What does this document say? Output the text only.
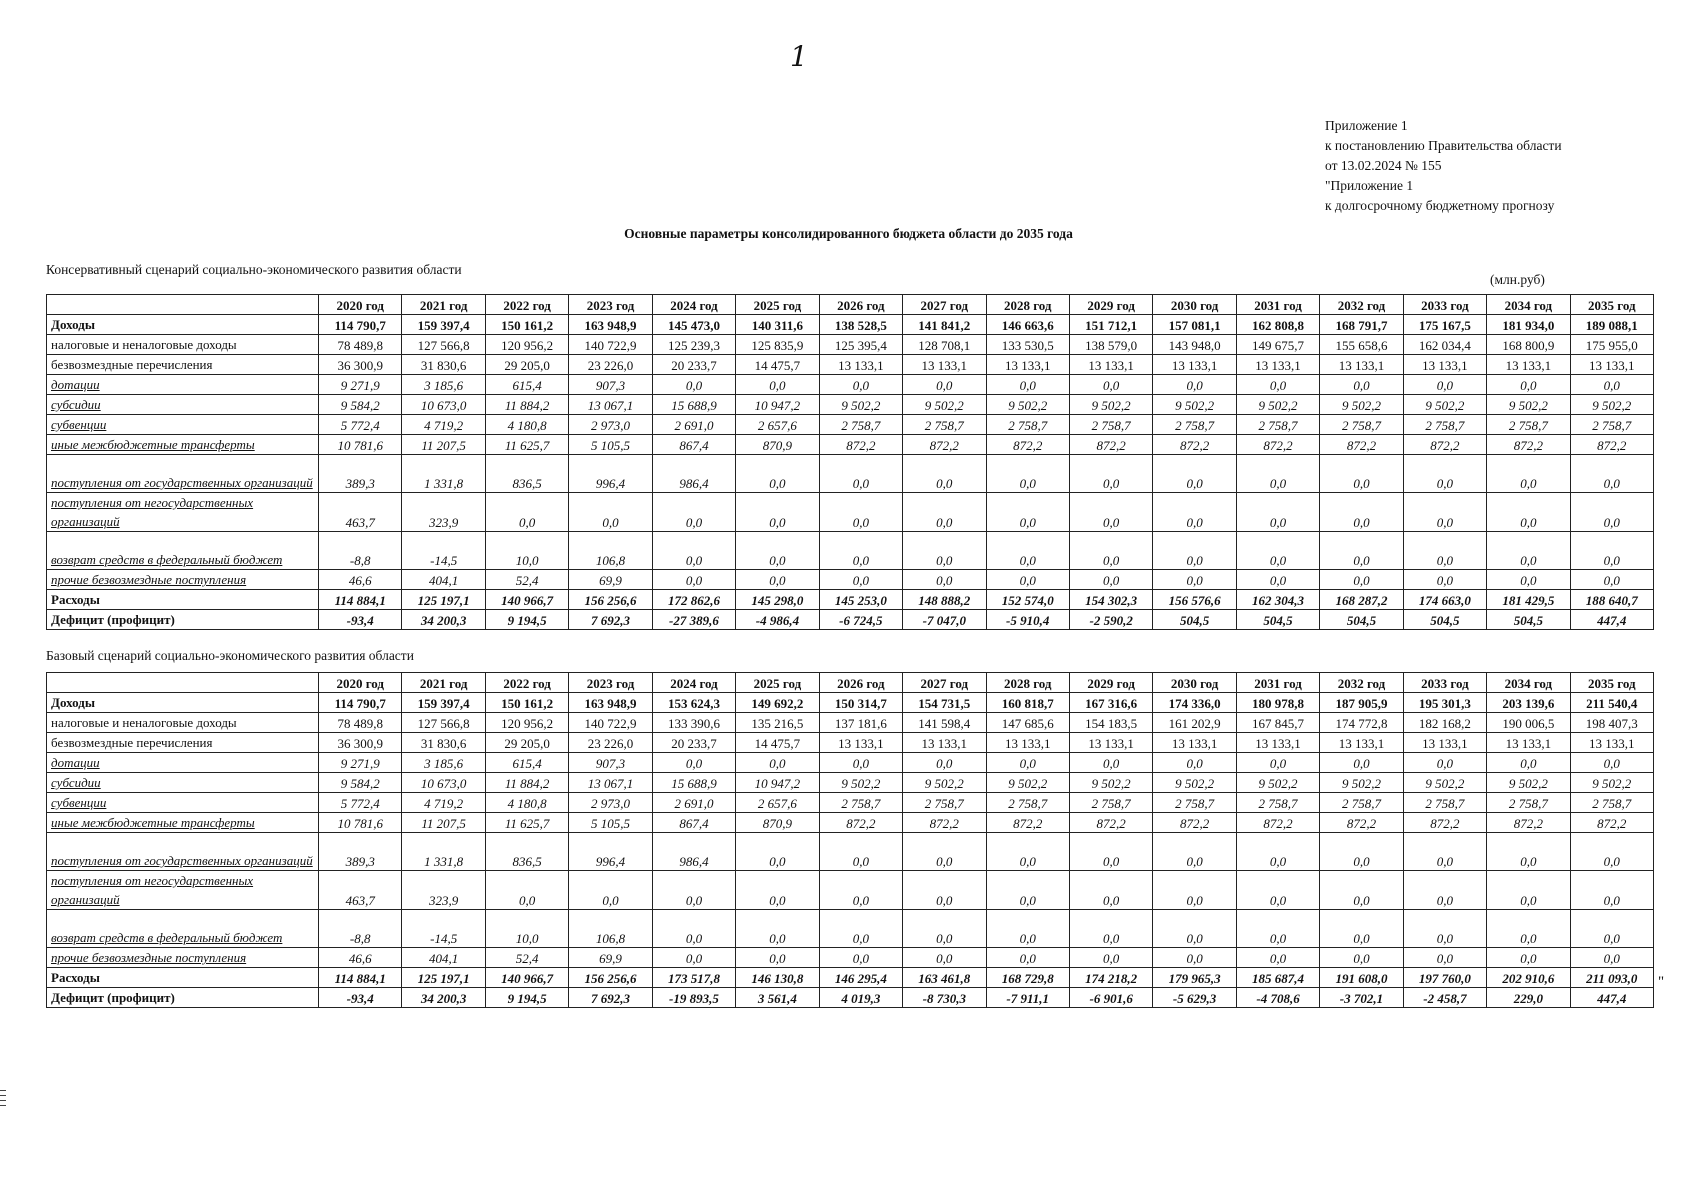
1
Приложение 1
к постановлению Правительства области
от 13.02.2024 № 155
"Приложение 1
к долгосрочному бюджетному прогнозу
Основные параметры консолидированного бюджета области до 2035 года
Консервативный сценарий социально-экономического развития области
(млн.руб)
Базовый сценарий социально-экономического развития области
"
	2020 год	2021 год	2022 год	2023 год	2024 год	2025 год	2026 год	2027 год	2028 год	2029 год	2030 год	2031 год	2032 год	2033 год	2034 год	2035 год
Доходы	114 790,7	159 397,4	150 161,2	163 948,9	145 473,0	140 311,6	138 528,5	141 841,2	146 663,6	151 712,1	157 081,1	162 808,8	168 791,7	175 167,5	181 934,0	189 088,1
налоговые и неналоговые доходы	78 489,8	127 566,8	120 956,2	140 722,9	125 239,3	125 835,9	125 395,4	128 708,1	133 530,5	138 579,0	143 948,0	149 675,7	155 658,6	162 034,4	168 800,9	175 955,0
безвозмездные перечисления	36 300,9	31 830,6	29 205,0	23 226,0	20 233,7	14 475,7	13 133,1	13 133,1	13 133,1	13 133,1	13 133,1	13 133,1	13 133,1	13 133,1	13 133,1	13 133,1
дотации	9 271,9	3 185,6	615,4	907,3	0,0	0,0	0,0	0,0	0,0	0,0	0,0	0,0	0,0	0,0	0,0	0,0
субсидии	9 584,2	10 673,0	11 884,2	13 067,1	15 688,9	10 947,2	9 502,2	9 502,2	9 502,2	9 502,2	9 502,2	9 502,2	9 502,2	9 502,2	9 502,2	9 502,2
субвенции	5 772,4	4 719,2	4 180,8	2 973,0	2 691,0	2 657,6	2 758,7	2 758,7	2 758,7	2 758,7	2 758,7	2 758,7	2 758,7	2 758,7	2 758,7	2 758,7
иные межбюджетные трансферты	10 781,6	11 207,5	11 625,7	5 105,5	867,4	870,9	872,2	872,2	872,2	872,2	872,2	872,2	872,2	872,2	872,2	872,2
поступления от государственных организаций	389,3	1 331,8	836,5	996,4	986,4	0,0	0,0	0,0	0,0	0,0	0,0	0,0	0,0	0,0	0,0	0,0
поступления от негосударственных организаций	463,7	323,9	0,0	0,0	0,0	0,0	0,0	0,0	0,0	0,0	0,0	0,0	0,0	0,0	0,0	0,0
возврат средств в федеральный бюджет	-8,8	-14,5	10,0	106,8	0,0	0,0	0,0	0,0	0,0	0,0	0,0	0,0	0,0	0,0	0,0	0,0
прочие безвозмездные поступления	46,6	404,1	52,4	69,9	0,0	0,0	0,0	0,0	0,0	0,0	0,0	0,0	0,0	0,0	0,0	0,0
Расходы	114 884,1	125 197,1	140 966,7	156 256,6	172 862,6	145 298,0	145 253,0	148 888,2	152 574,0	154 302,3	156 576,6	162 304,3	168 287,2	174 663,0	181 429,5	188 640,7
Дефицит (профицит)	-93,4	34 200,3	9 194,5	7 692,3	-27 389,6	-4 986,4	-6 724,5	-7 047,0	-5 910,4	-2 590,2	504,5	504,5	504,5	504,5	504,5	447,4
	2020 год	2021 год	2022 год	2023 год	2024 год	2025 год	2026 год	2027 год	2028 год	2029 год	2030 год	2031 год	2032 год	2033 год	2034 год	2035 год
Доходы	114 790,7	159 397,4	150 161,2	163 948,9	153 624,3	149 692,2	150 314,7	154 731,5	160 818,7	167 316,6	174 336,0	180 978,8	187 905,9	195 301,3	203 139,6	211 540,4
налоговые и неналоговые доходы	78 489,8	127 566,8	120 956,2	140 722,9	133 390,6	135 216,5	137 181,6	141 598,4	147 685,6	154 183,5	161 202,9	167 845,7	174 772,8	182 168,2	190 006,5	198 407,3
безвозмездные перечисления	36 300,9	31 830,6	29 205,0	23 226,0	20 233,7	14 475,7	13 133,1	13 133,1	13 133,1	13 133,1	13 133,1	13 133,1	13 133,1	13 133,1	13 133,1	13 133,1
дотации	9 271,9	3 185,6	615,4	907,3	0,0	0,0	0,0	0,0	0,0	0,0	0,0	0,0	0,0	0,0	0,0	0,0
субсидии	9 584,2	10 673,0	11 884,2	13 067,1	15 688,9	10 947,2	9 502,2	9 502,2	9 502,2	9 502,2	9 502,2	9 502,2	9 502,2	9 502,2	9 502,2	9 502,2
субвенции	5 772,4	4 719,2	4 180,8	2 973,0	2 691,0	2 657,6	2 758,7	2 758,7	2 758,7	2 758,7	2 758,7	2 758,7	2 758,7	2 758,7	2 758,7	2 758,7
иные межбюджетные трансферты	10 781,6	11 207,5	11 625,7	5 105,5	867,4	870,9	872,2	872,2	872,2	872,2	872,2	872,2	872,2	872,2	872,2	872,2
поступления от государственных организаций	389,3	1 331,8	836,5	996,4	986,4	0,0	0,0	0,0	0,0	0,0	0,0	0,0	0,0	0,0	0,0	0,0
поступления от негосударственных организаций	463,7	323,9	0,0	0,0	0,0	0,0	0,0	0,0	0,0	0,0	0,0	0,0	0,0	0,0	0,0	0,0
возврат средств в федеральный бюджет	-8,8	-14,5	10,0	106,8	0,0	0,0	0,0	0,0	0,0	0,0	0,0	0,0	0,0	0,0	0,0	0,0
прочие безвозмездные поступления	46,6	404,1	52,4	69,9	0,0	0,0	0,0	0,0	0,0	0,0	0,0	0,0	0,0	0,0	0,0	0,0
Расходы	114 884,1	125 197,1	140 966,7	156 256,6	173 517,8	146 130,8	146 295,4	163 461,8	168 729,8	174 218,2	179 965,3	185 687,4	191 608,0	197 760,0	202 910,6	211 093,0
Дефицит (профицит)	-93,4	34 200,3	9 194,5	7 692,3	-19 893,5	3 561,4	4 019,3	-8 730,3	-7 911,1	-6 901,6	-5 629,3	-4 708,6	-3 702,1	-2 458,7	229,0	447,4
